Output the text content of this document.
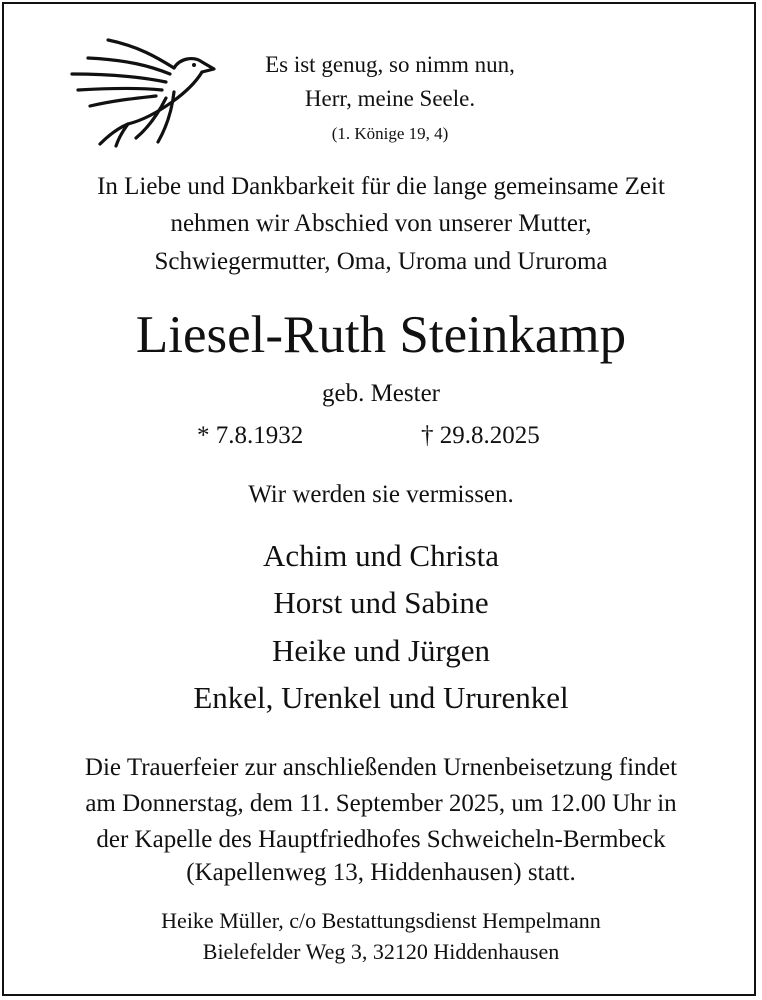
Es ist genug, so nimm nun,
Herr, meine Seele.
(1. Könige 19, 4)
In Liebe und Dankbarkeit für die lange gemeinsame Zeit
nehmen wir Abschied von unserer Mutter,
Schwiegermutter, Oma, Uroma und Ururoma
Liesel-Ruth Steinkamp
geb. Mester
* 7.8.1932	† 29.8.2025
Wir werden sie vermissen.
Achim und Christa
Horst und Sabine
Heike und Jürgen
Enkel, Urenkel und Ururenkel
Die Trauerfeier zur anschließenden Urnenbeisetzung findet
am Donnerstag, dem 11. September 2025, um 12.00 Uhr in
der Kapelle des Hauptfriedhofes Schweicheln-Bermbeck
(Kapellenweg 13, Hiddenhausen) statt.
Heike Müller, c/o Bestattungsdienst Hempelmann
Bielefelder Weg 3, 32120 Hiddenhausen
